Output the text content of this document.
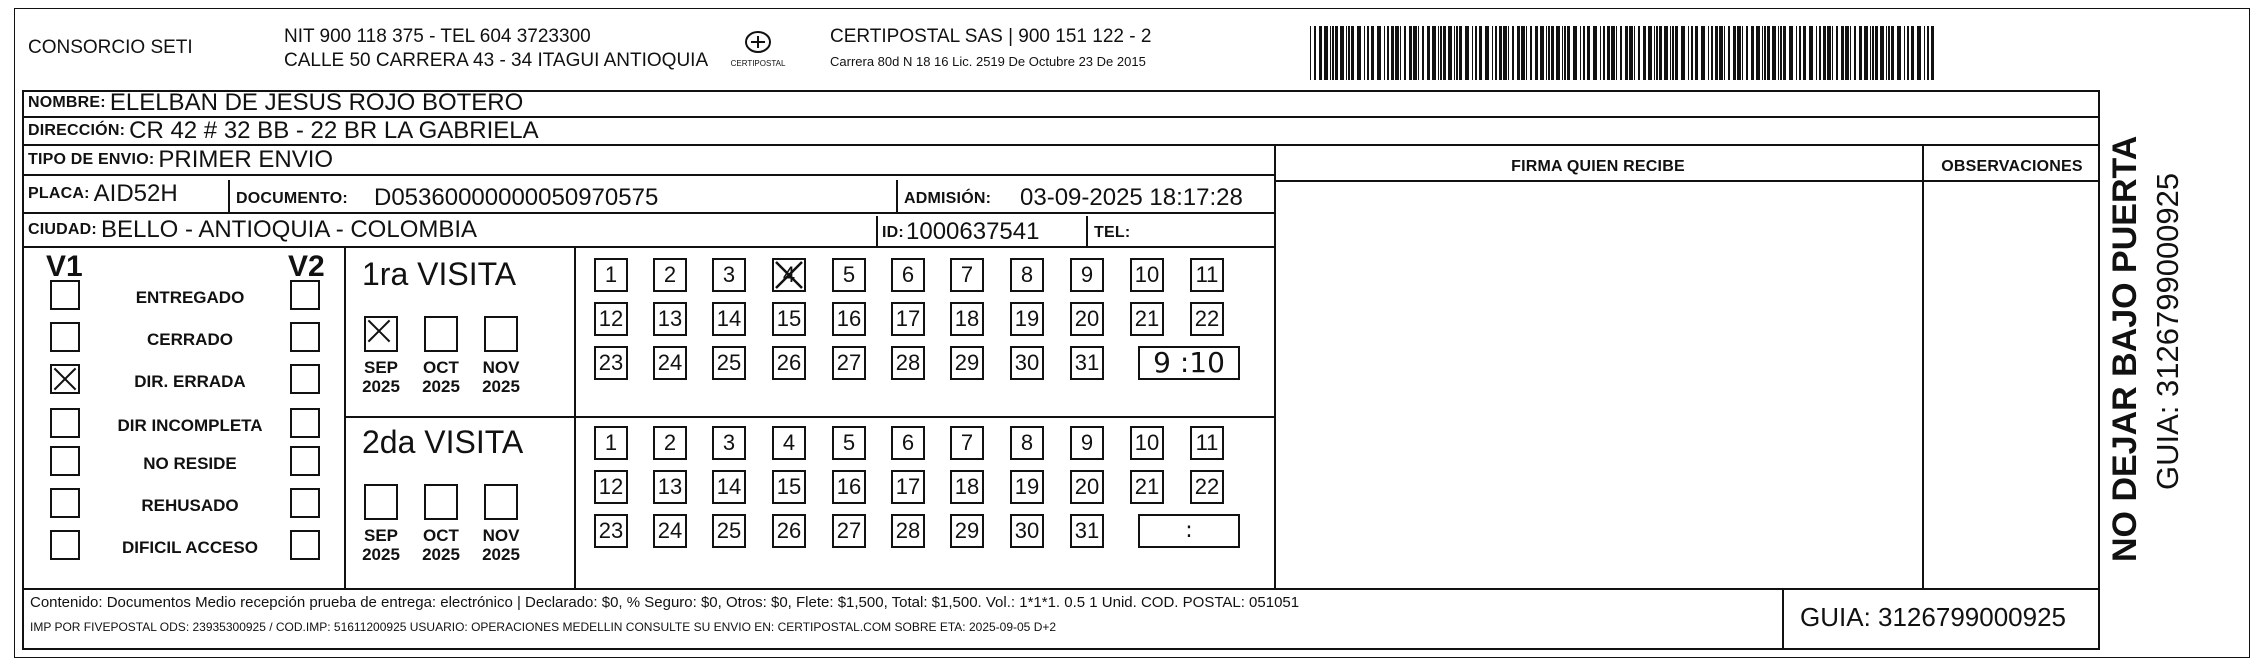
CONSORCIO SETI
NIT 900 118 375 - TEL 604 3723300
CALLE 50 CARRERA 43 - 34 ITAGUI ANTIOQUIA	CERTIPOSTAL
CERTIPOSTAL SAS | 900 151 122 - 2
Carrera 80d N 18 16 Lic. 2519 De Octubre 23 De 2015
NOMBRE: ELELBAN DE JESUS ROJO BOTERO
DIRECCIÓN: CR 42 # 32 BB - 22 BR LA GABRIELA
FIRMA QUIEN RECIBE	OBSERVACIONES
TIPO DE ENVIO: PRIMER ENVIO
PLACA: AID52H	DOCUMENTO: D05360000000050970575	ADMISIÓN: 03-09-2025 18:17:28
CIUDAD: BELLO - ANTIOQUIA - COLOMBIA	ID: 1000637541	TEL:
V1	V2
ENTREGADO
CERRADO
DIR. ERRADA
DIR INCOMPLETA
NO RESIDE
REHUSADO
DIFICIL ACCESO
1ra VISITA
SEP
2025
OCT
2025
NOV
2025
1	2	3	4	5	6	7	8	9	10 11
12 13 14 15 16 17 18 19 20 21 22
23 24 25 26 27 28 29 30 31	9 :10
2da VISITA
SEP
2025
OCT
2025
NOV
2025
1	2	3	4	5	6	7	8	9	10 11
12 13 14 15 16 17 18 19 20 21 22
23 24 25 26 27 28 29 30 31	:
Contenido: Documentos Medio recepción prueba de entrega: electrónico | Declarado: $0, % Seguro: $0, Otros: $0, Flete: $1,500, Total: $1,500. Vol.: 1*1*1. 0.5 1 Unid. COD. POSTAL: 051051
IMP POR FIVEPOSTAL ODS: 23935300925 / COD.IMP: 51611200925 USUARIO: OPERACIONES MEDELLIN CONSULTE SU ENVIO EN: CERTIPOSTAL.COM SOBRE ETA: 2025-09-05 D+2	GUIA: 3126799000925
NO DEJAR BAJO PUERTA GUIA: 3126799000925
